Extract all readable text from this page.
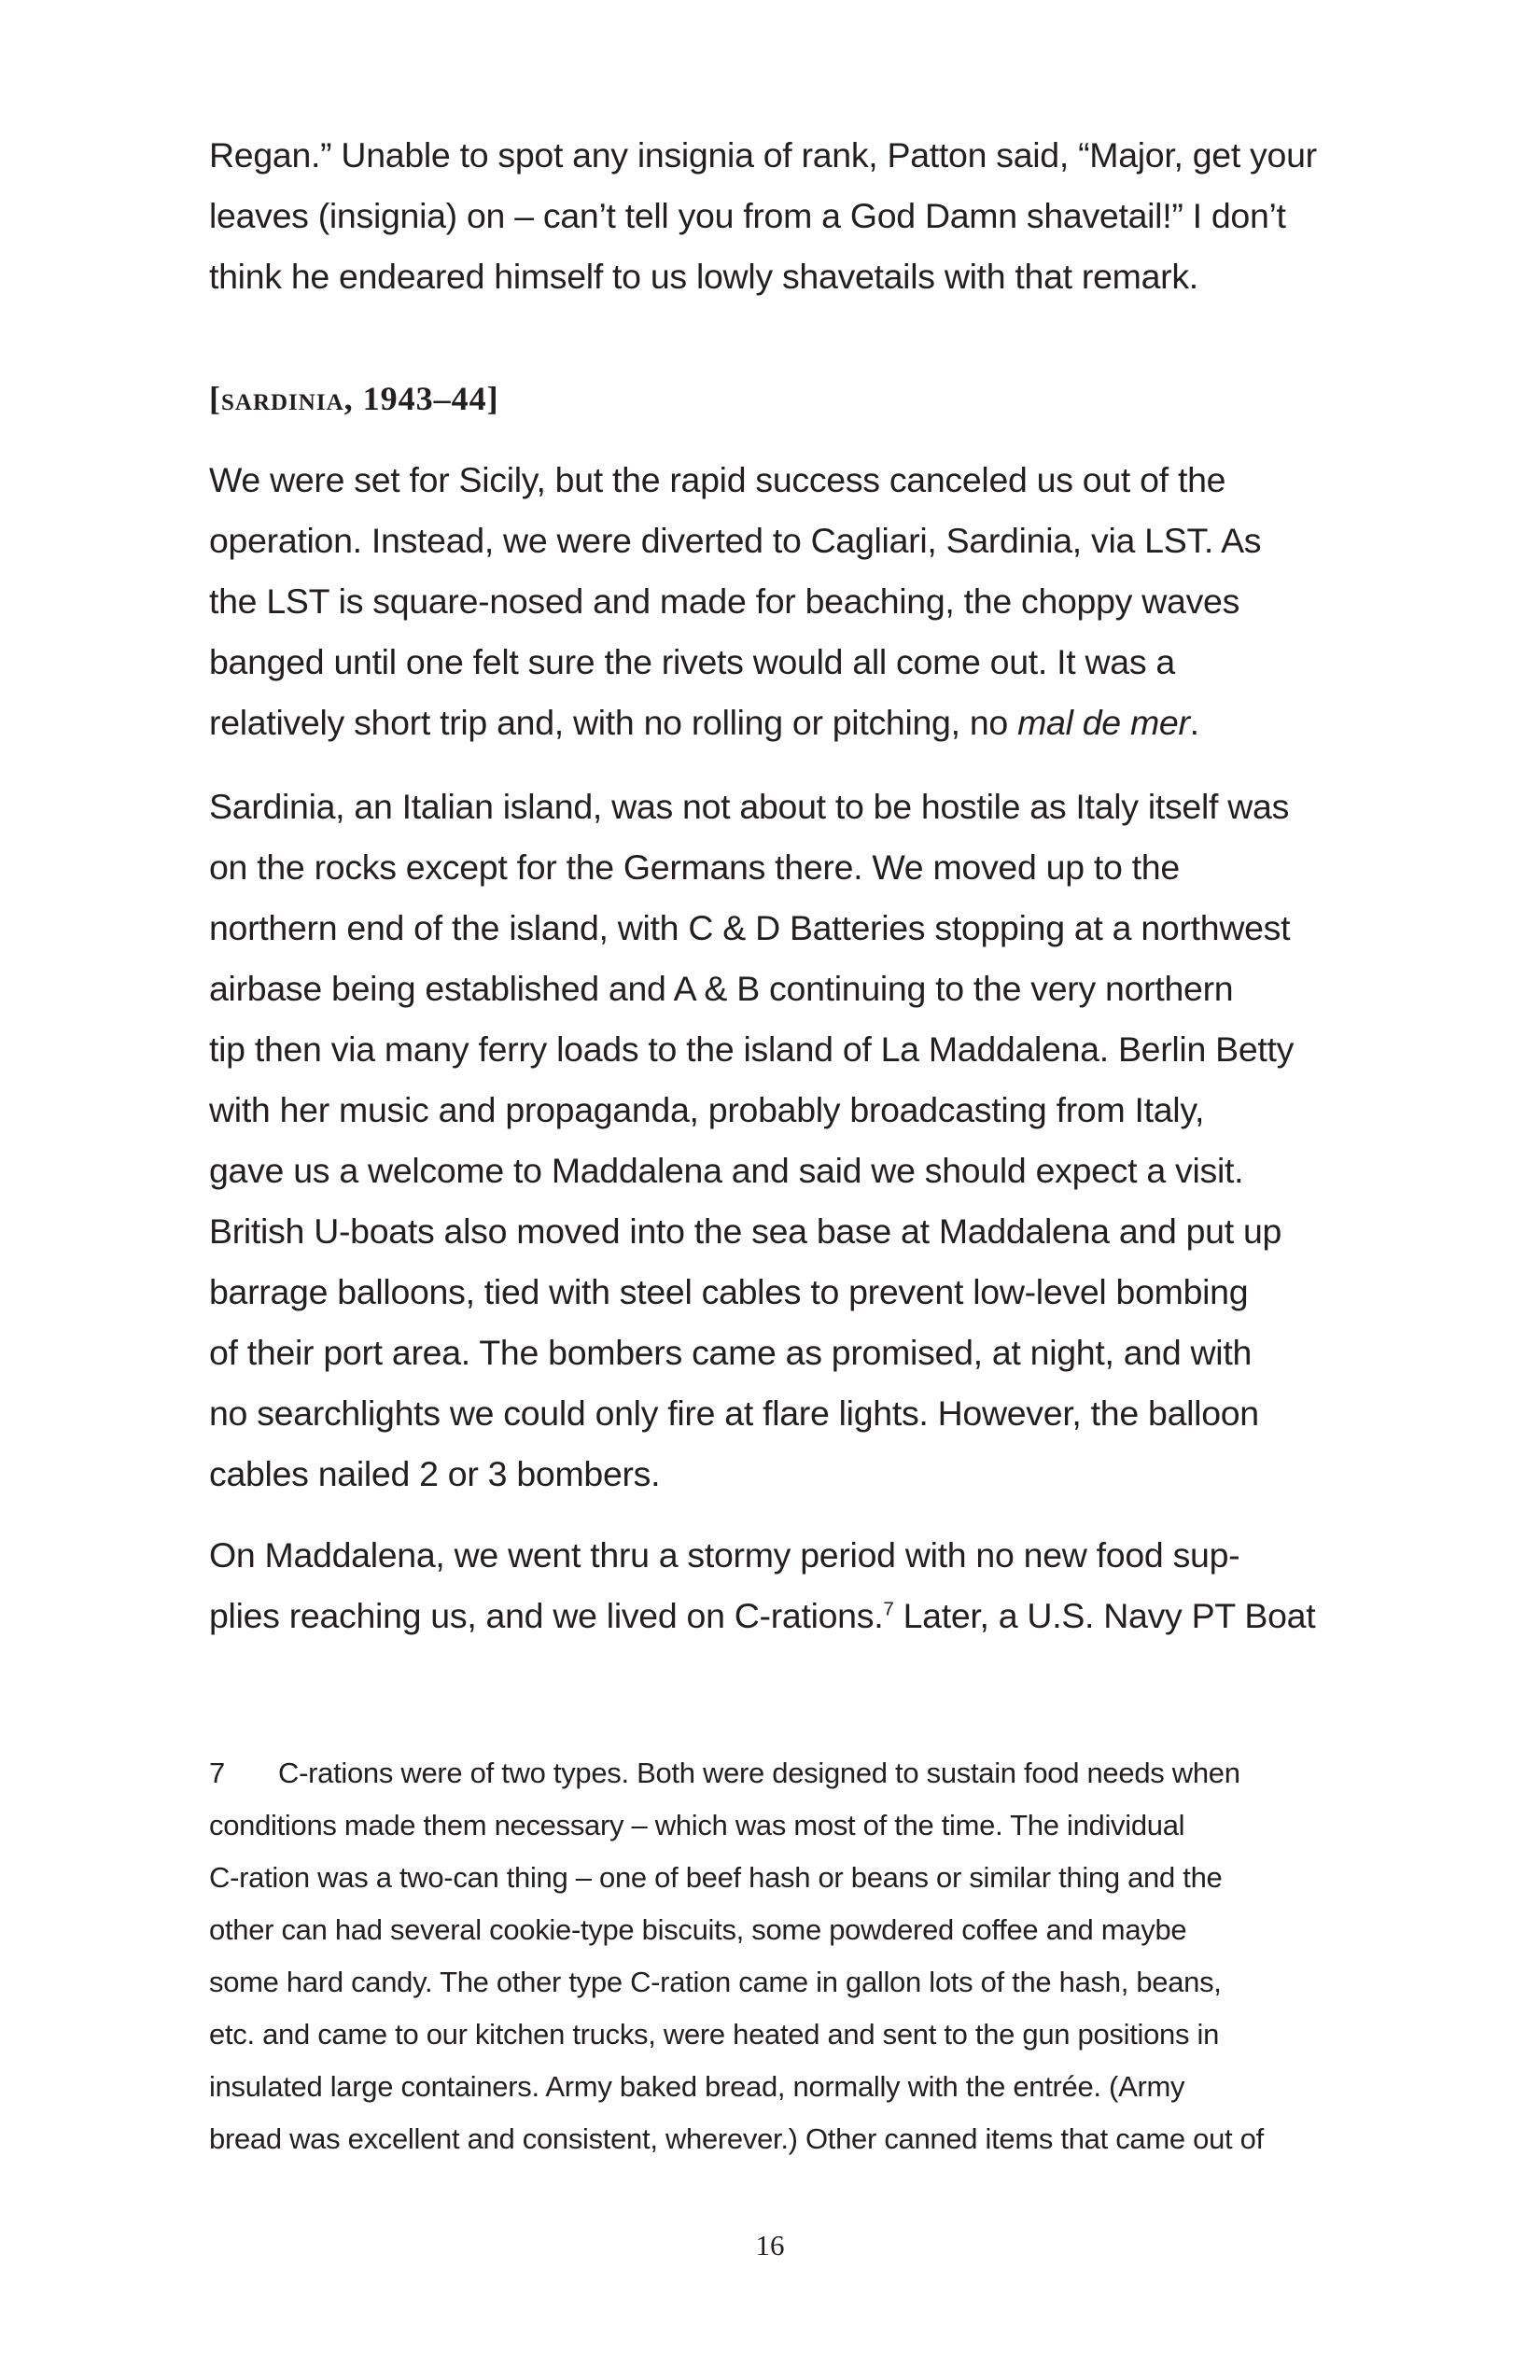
Regan.” Unable to spot any insignia of rank, Patton said, “Major, get your

leaves (insignia) on – can’t tell you from a God Damn shavetail!” I don’t

think he endeared himself to us lowly shavetails with that remark.

[sardinia, 1943–44]

We were set for Sicily, but the rapid success canceled us out of the

operation. Instead, we were diverted to Cagliari, Sardinia, via LST. As

the LST is square-nosed and made for beaching, the choppy waves

banged until one felt sure the rivets would all come out. It was a

relatively short trip and, with no rolling or pitching, no mal de mer.

Sardinia, an Italian island, was not about to be hostile as Italy itself was

on the rocks except for the Germans there. We moved up to the

northern end of the island, with C & D Batteries stopping at a northwest

airbase being established and A & B continuing to the very northern

tip then via many ferry loads to the island of La Maddalena. Berlin Betty

with her music and propaganda, probably broadcasting from Italy,

gave us a welcome to Maddalena and said we should expect a visit.

British U-boats also moved into the sea base at Maddalena and put up

barrage balloons, tied with steel cables to prevent low-level bombing

of their port area. The bombers came as promised, at night, and with

no searchlights we could only fire at flare lights. However, the balloon

cables nailed 2 or 3 bombers.

On Maddalena, we went thru a stormy period with no new food sup-

plies reaching us, and we lived on C-rations.$^7$ Later, a U.S. Navy PT Boat

7 C-rations were of two types. Both were designed to sustain food needs when

conditions made them necessary – which was most of the time. The individual

C-ration was a two-can thing – one of beef hash or beans or similar thing and the

other can had several cookie-type biscuits, some powdered coffee and maybe

some hard candy. The other type C-ration came in gallon lots of the hash, beans,

etc. and came to our kitchen trucks, were heated and sent to the gun positions in

insulated large containers. Army baked bread, normally with the entrée. (Army

bread was excellent and consistent, wherever.) Other canned items that came out of

16
